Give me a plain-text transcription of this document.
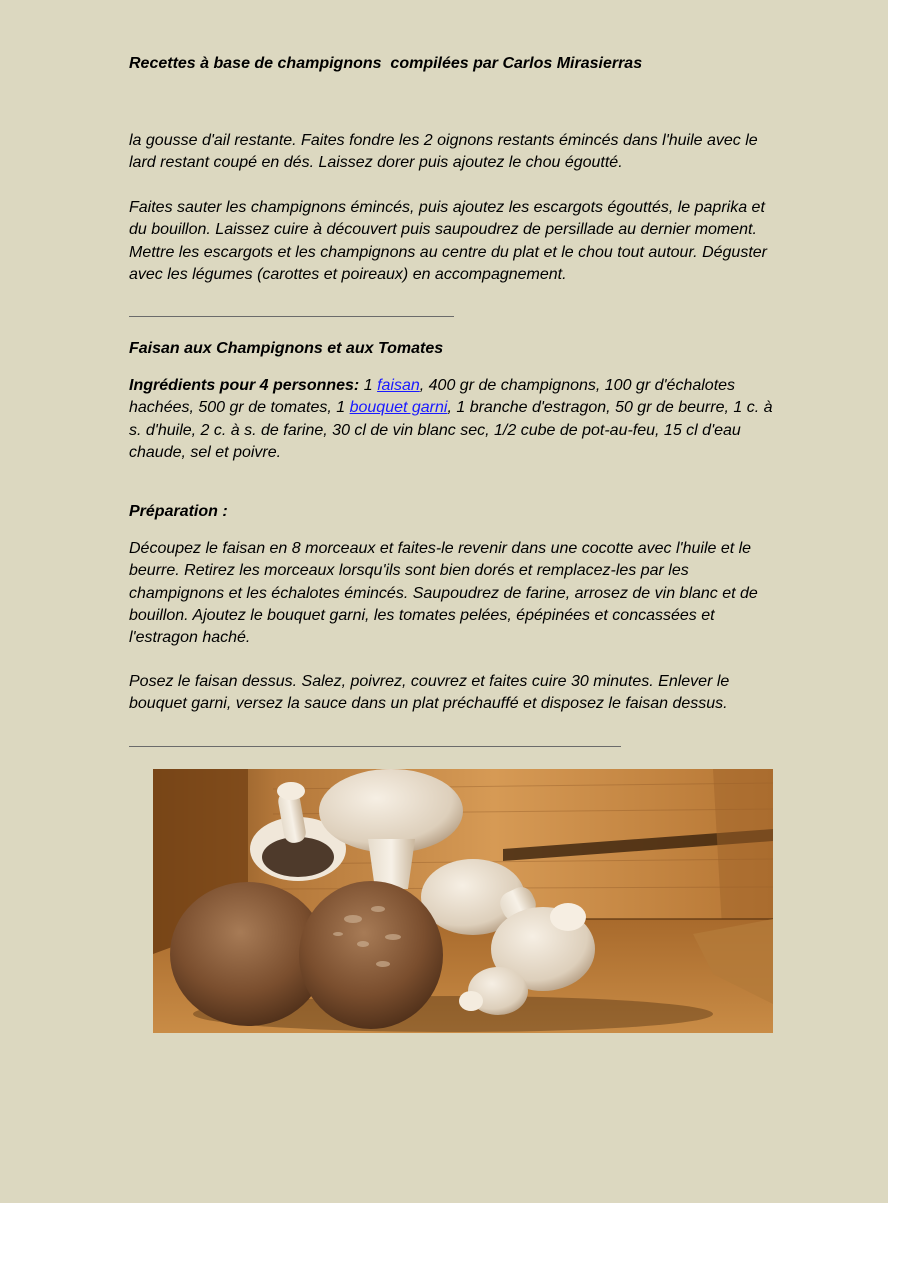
Recettes à base de champignons  compilées par Carlos Mirasierras

la gousse d'ail restante. Faites fondre les 2 oignons restants émincés dans l'huile avec le lard restant coupé en dés. Laissez dorer puis ajoutez le chou égoutté.

Faites sauter les champignons émincés, puis ajoutez les escargots égouttés, le paprika et du bouillon. Laissez cuire à découvert puis saupoudrez de persillade au dernier moment. Mettre les escargots et les champignons au centre du plat et le chou tout autour. Déguster avec les légumes (carottes et poireaux) en accompagnement.

Faisan aux Champignons et aux Tomates

Ingrédients pour 4 personnes: 1 faisan, 400 gr de champignons, 100 gr d'échalotes hachées, 500 gr de tomates, 1 bouquet garni, 1 branche d'estragon, 50 gr de beurre, 1 c. à s. d'huile, 2 c. à s. de farine, 30 cl de vin blanc sec, 1/2 cube de pot-au-feu, 15 cl d'eau chaude, sel et poivre.

Préparation :

Découpez le faisan en 8 morceaux et faites-le revenir dans une cocotte avec l'huile et le beurre. Retirez les morceaux lorsqu'ils sont bien dorés et remplacez-les par les champignons et les échalotes émincés. Saupoudrez de farine, arrosez de vin blanc et de bouillon. Ajoutez le bouquet garni, les tomates pelées, épépinées et concassées et l'estragon haché.

Posez le faisan dessus. Salez, poivrez, couvrez et faites cuire 30 minutes. Enlever le bouquet garni, versez la sauce dans un plat préchauffé et disposez le faisan dessus.
